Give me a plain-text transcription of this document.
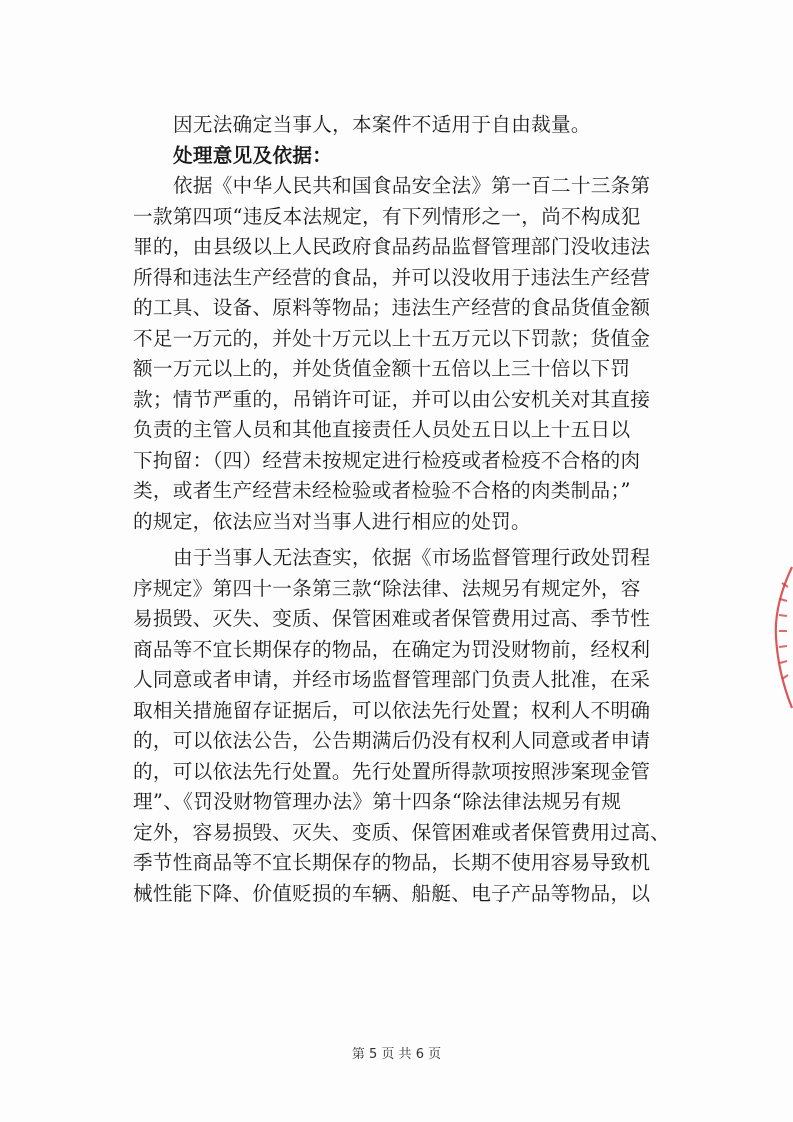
因无法确定当事人，本案件不适用于自由裁量。
处理意见及依据：
依据《中华人民共和国食品安全法》第一百二十三条第
一款第四项“违反本法规定，有下列情形之一，尚不构成犯
罪的，由县级以上人民政府食品药品监督管理部门没收违法
所得和违法生产经营的食品，并可以没收用于违法生产经营
的工具、设备、原料等物品；违法生产经营的食品货值金额
不足一万元的，并处十万元以上十五万元以下罚款；货值金
额一万元以上的，并处货值金额十五倍以上三十倍以下罚
款；情节严重的，吊销许可证，并可以由公安机关对其直接
负责的主管人员和其他直接责任人员处五日以上十五日以
下拘留：（四）经营未按规定进行检疫或者检疫不合格的肉
类，或者生产经营未经检验或者检验不合格的肉类制品；”
的规定，依法应当对当事人进行相应的处罚。
由于当事人无法查实，依据《市场监督管理行政处罚程
序规定》第四十一条第三款“除法律、法规另有规定外，容
易损毁、灭失、变质、保管困难或者保管费用过高、季节性
商品等不宜长期保存的物品，在确定为罚没财物前，经权利
人同意或者申请，并经市场监督管理部门负责人批准，在采
取相关措施留存证据后，可以依法先行处置；权利人不明确
的，可以依法公告，公告期满后仍没有权利人同意或者申请
的，可以依法先行处置。先行处置所得款项按照涉案现金管
理”、《罚没财物管理办法》第十四条“除法律法规另有规
定外，容易损毁、灭失、变质、保管困难或者保管费用过高、
季节性商品等不宜长期保存的物品，长期不使用容易导致机
械性能下降、价值贬损的车辆、船艇、电子产品等物品，以
第 5 页 共 6 页
